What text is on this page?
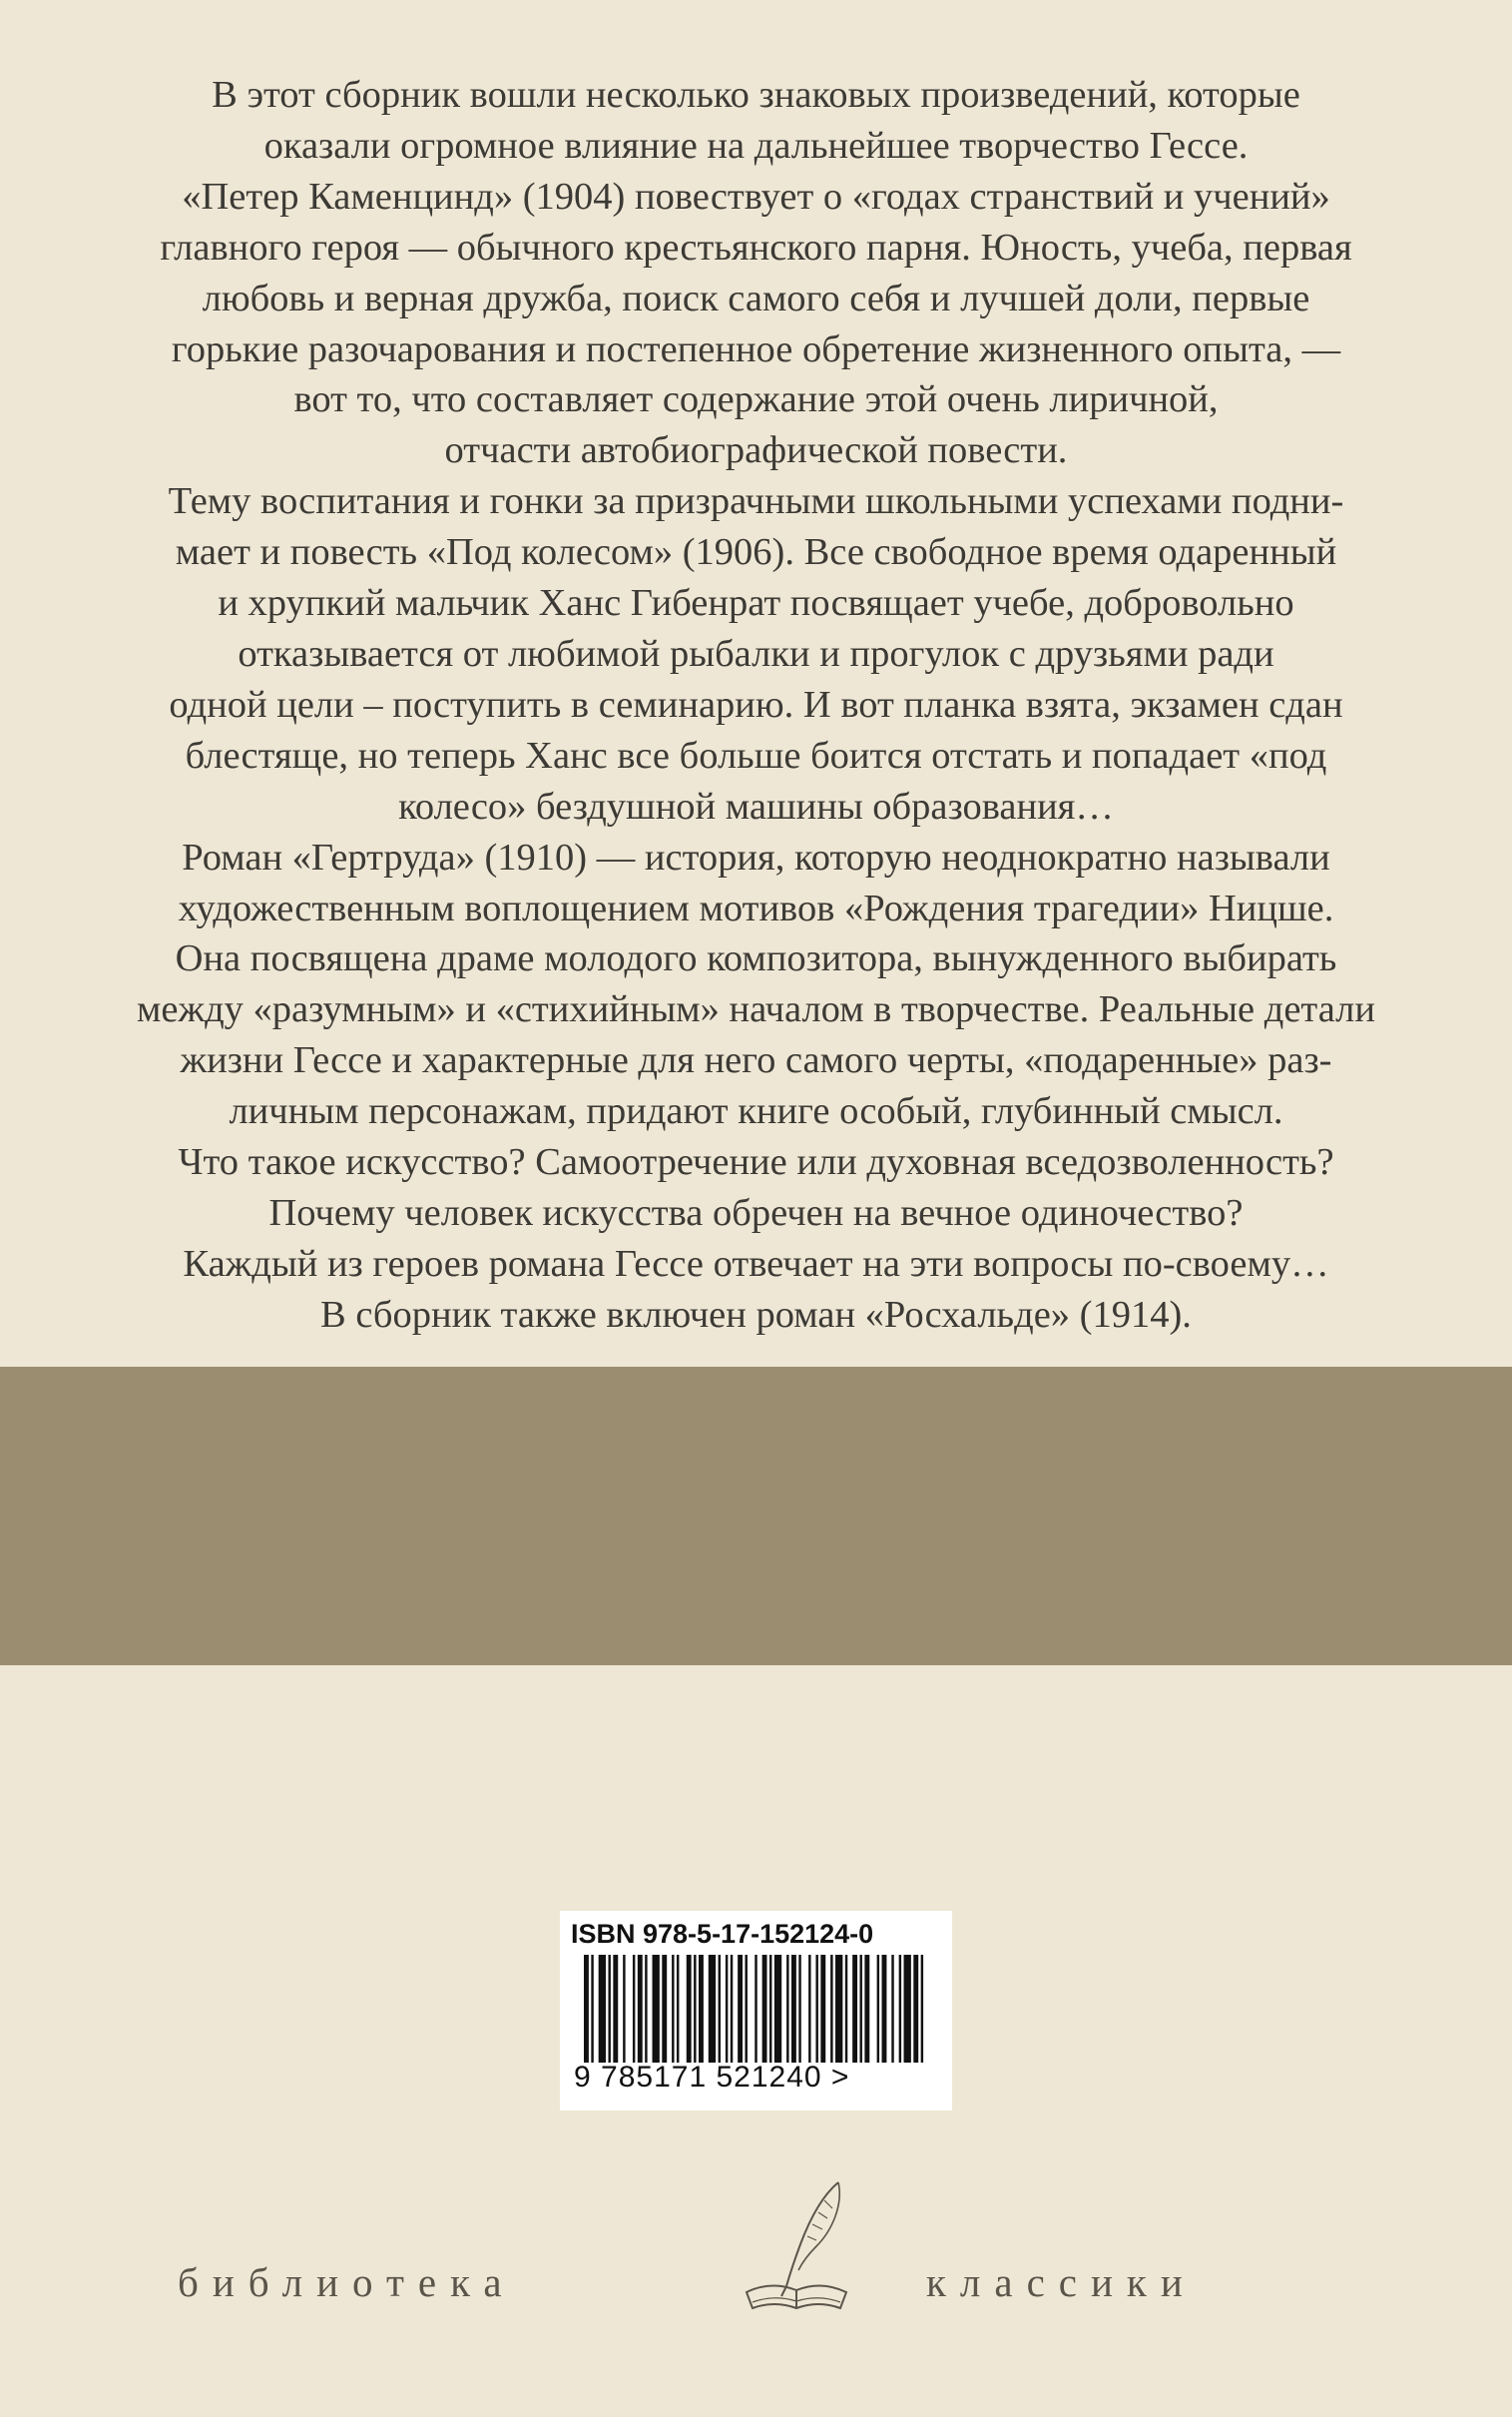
В этот сборник вошли несколько знаковых произведений, которые
оказали огромное влияние на дальнейшее творчество Гессе.
«Петер Каменцинд» (1904) повествует о «годах странствий и учений»
главного героя — обычного крестьянского парня. Юность, учеба, первая
любовь и верная дружба, поиск самого себя и лучшей доли, первые
горькие разочарования и постепенное обретение жизненного опыта, —
вот то, что составляет содержание этой очень лиричной,
отчасти автобиографической повести.
Тему воспитания и гонки за призрачными школьными успехами подни-
мает и повесть «Под колесом» (1906). Все свободное время одаренный
и хрупкий мальчик Ханс Гибенрат посвящает учебе, добровольно
отказывается от любимой рыбалки и прогулок с друзьями ради
одной цели – поступить в семинарию. И вот планка взята, экзамен сдан
блестяще, но теперь Ханс все больше боится отстать и попадает «под
колесо» бездушной машины образования…
Роман «Гертруда» (1910) — история, которую неоднократно называли
художественным воплощением мотивов «Рождения трагедии» Ницше.
Она посвящена драме молодого композитора, вынужденного выбирать
между «разумным» и «стихийным» началом в творчестве. Реальные детали
жизни Гессе и характерные для него самого черты, «подаренные» раз-
личным персонажам, придают книге особый, глубинный смысл.
Что такое искусство? Самоотречение или духовная вседозволенность?
Почему человек искусства обречен на вечное одиночество?
Каждый из героев романа Гессе отвечает на эти вопросы по-своему…
В сборник также включен роман «Росхальде» (1914).
ISBN 978-5-17-152124-0
9 785171 521240 >
библиотека	классики
